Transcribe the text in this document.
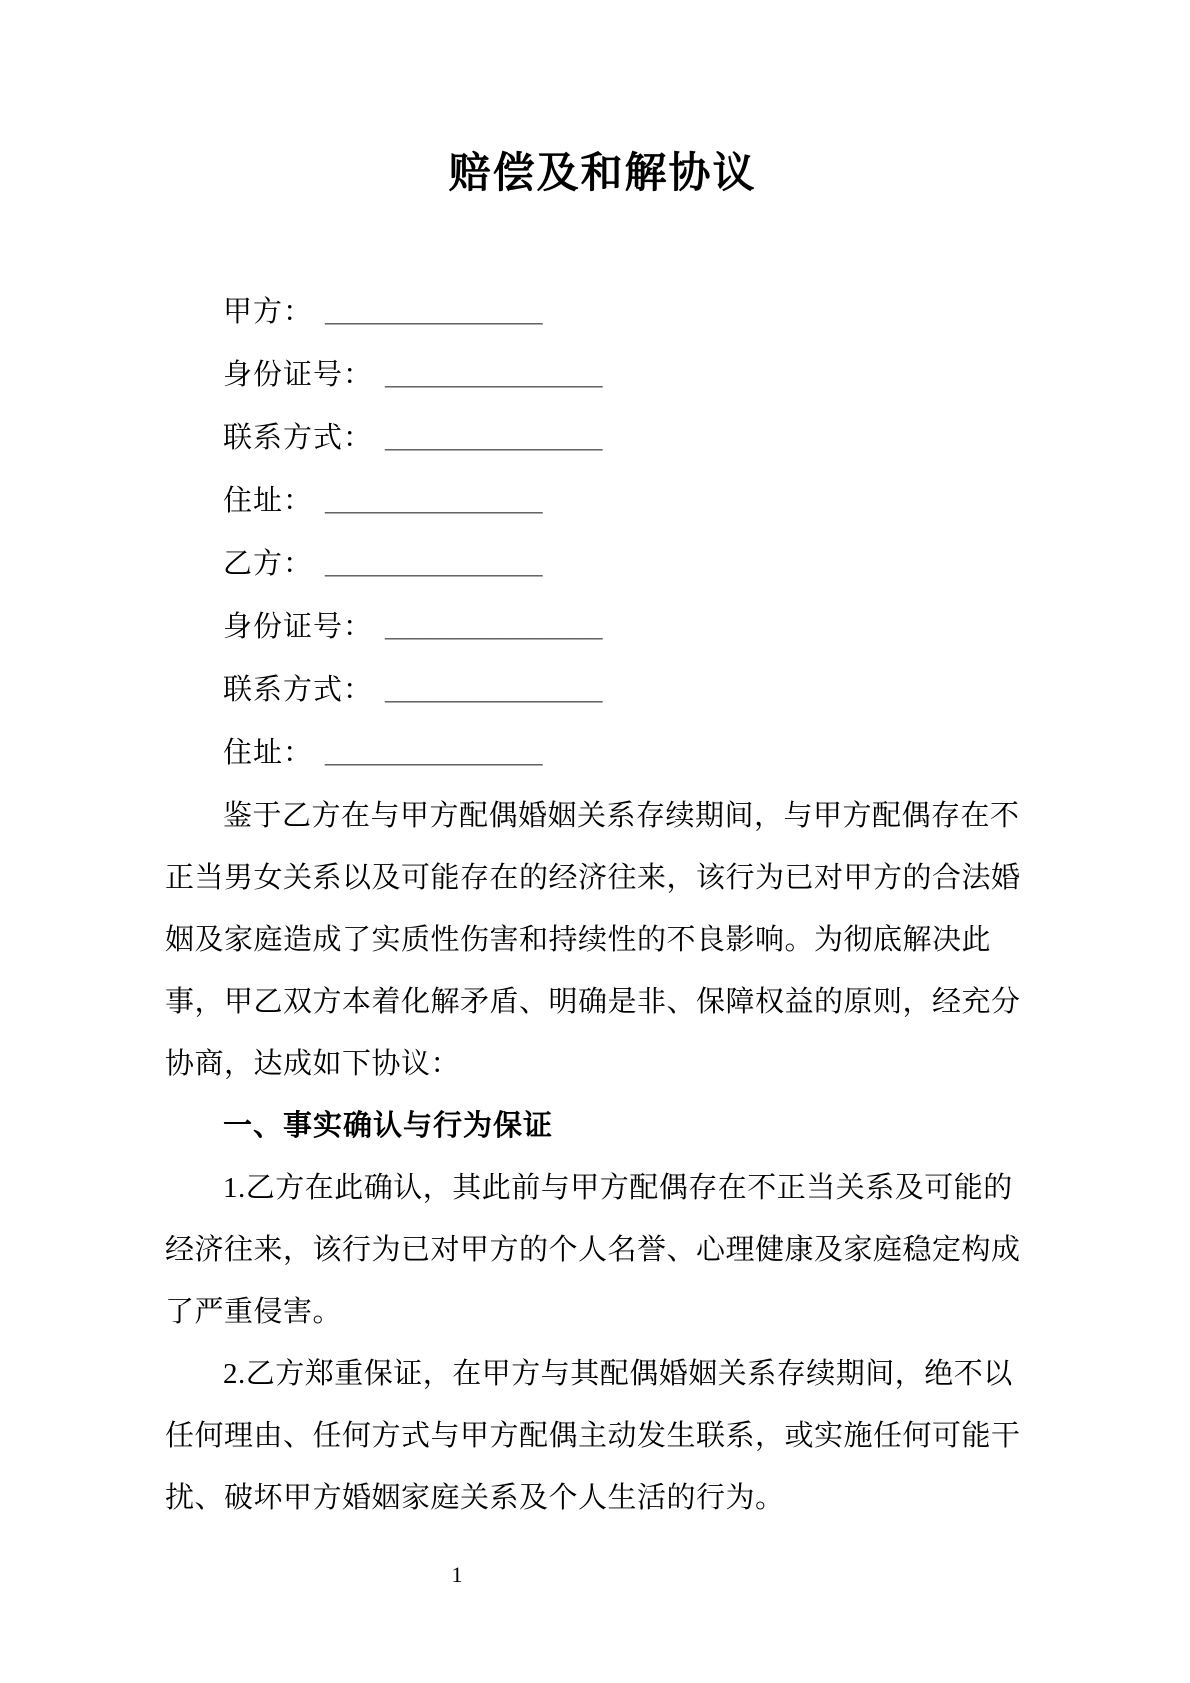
赔偿及和解协议
甲方： _______________
身份证号： _______________
联系方式： _______________
住址： _______________
乙方： _______________
身份证号： _______________
联系方式： _______________
住址： _______________

鉴于乙方在与甲方配偶婚姻关系存续期间，与甲方配偶存在不正当男女关系以及可能存在的经济往来，该行为已对甲方的合法婚姻及家庭造成了实质性伤害和持续性的不良影响。为彻底解决此事，甲乙双方本着化解矛盾、明确是非、保障权益的原则，经充分协商，达成如下协议：

一、事实确认与行为保证

1.乙方在此确认，其此前与甲方配偶存在不正当关系及可能的经济往来，该行为已对甲方的个人名誉、心理健康及家庭稳定构成了严重侵害。

2.乙方郑重保证，在甲方与其配偶婚姻关系存续期间，绝不以任何理由、任何方式与甲方配偶主动发生联系，或实施任何可能干扰、破坏甲方婚姻家庭关系及个人生活的行为。

1
